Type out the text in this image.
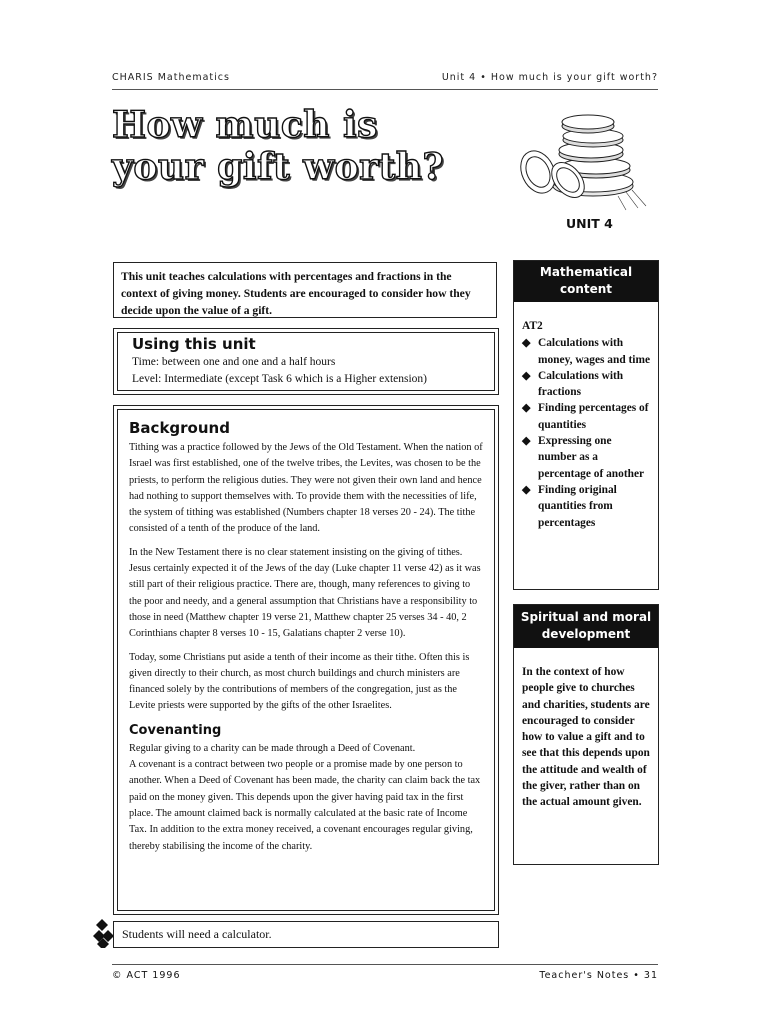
CHARIS Mathematics	Unit 4 • How much is your gift worth?
How much is
your gift worth?
UNIT 4
This unit teaches calculations with percentages and fractions in the context of giving money. Students are encouraged to consider how they decide upon the value of a gift.
Using this unit
Time: between one and one and a half hours
Level: Intermediate (except Task 6 which is a Higher extension)
Background

Tithing was a practice followed by the Jews of the Old Testament. When the nation of Israel was first established, one of the twelve tribes, the Levites, was chosen to be the priests, to perform the religious duties. They were not given their own land and hence had nothing to support themselves with. To provide them with the necessities of life, the system of tithing was established (Numbers chapter 18 verses 20 - 24). The tithe consisted of a tenth of the produce of the land.

In the New Testament there is no clear statement insisting on the giving of tithes. Jesus certainly expected it of the Jews of the day (Luke chapter 11 verse 42) as it was still part of their religious practice. There are, though, many references to giving to the poor and needy, and a general assumption that Christians have a responsibility to those in need (Matthew chapter 19 verse 21, Matthew chapter 25 verses 34 - 40, 2 Corinthians chapter 8 verses 10 - 15, Galatians chapter 2 verse 10).

Today, some Christians put aside a tenth of their income as their tithe. Often this is given directly to their church, as most church buildings and church ministers are financed solely by the contributions of members of the congregation, just as the Levite priests were supported by the gifts of the other Israelites.

Covenanting
Regular giving to a charity can be made through a Deed of Covenant.
A covenant is a contract between two people or a promise made by one person to another. When a Deed of Covenant has been made, the charity can claim back the tax paid on the money given. This depends upon the giver having paid tax in the first place. The amount claimed back is normally calculated at the basic rate of Income Tax. In addition to the extra money received, a covenant encourages regular giving, thereby stabilising the income of the charity.
Students will need a calculator.
Mathematical content
AT2
◆ Calculations with money, wages and time
◆ Calculations with fractions
◆ Finding percentages of quantities
◆ Expressing one number as a percentage of another
◆ Finding original quantities from percentages
Spiritual and moral development
In the context of how people give to churches and charities, students are encouraged to consider how to value a gift and to see that this depends upon the attitude and wealth of the giver, rather than on the actual amount given.
© ACT 1996	Teacher's Notes • 31
